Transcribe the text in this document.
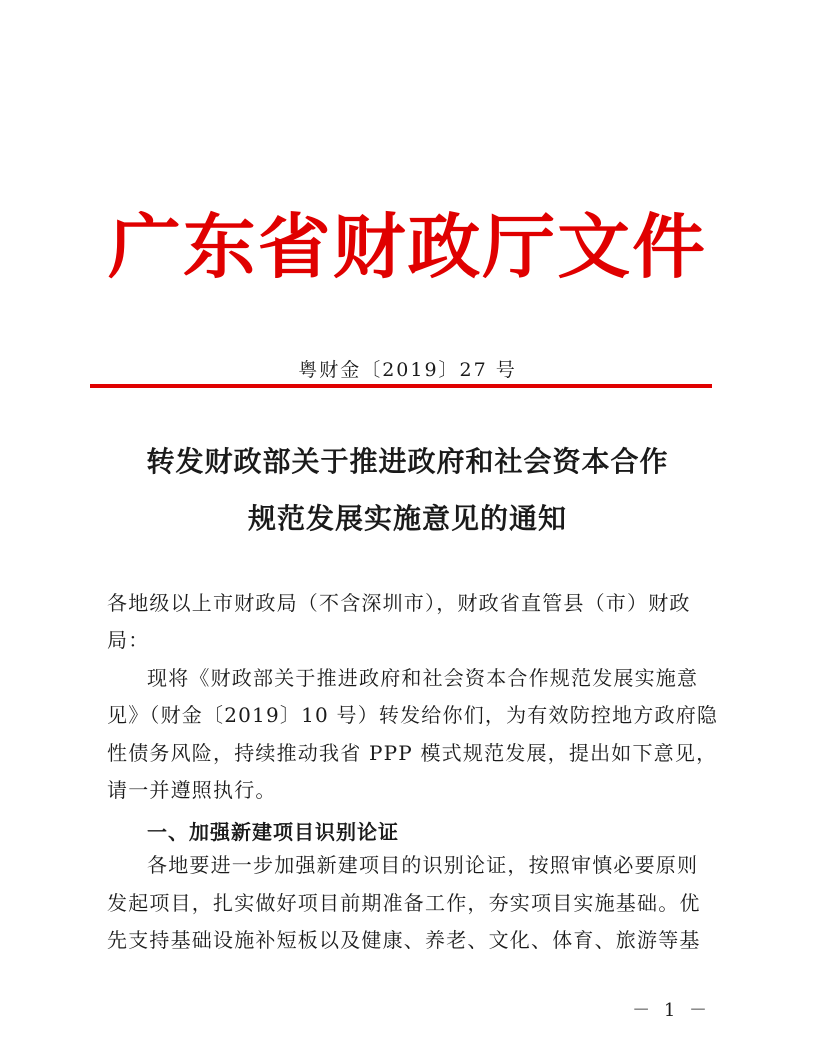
广东省财政厅文件
粤财金〔2019〕27 号
转发财政部关于推进政府和社会资本合作
规范发展实施意见的通知
各地级以上市财政局（不含深圳市），财政省直管县（市）财政
局：
现将《财政部关于推进政府和社会资本合作规范发展实施意
见》（财金〔2019〕10 号）转发给你们，为有效防控地方政府隐
性债务风险，持续推动我省 PPP 模式规范发展，提出如下意见，
请一并遵照执行。
一、加强新建项目识别论证
各地要进一步加强新建项目的识别论证，按照审慎必要原则
发起项目，扎实做好项目前期准备工作，夯实项目实施基础。优
先支持基础设施补短板以及健康、养老、文化、体育、旅游等基
－ 1 －
